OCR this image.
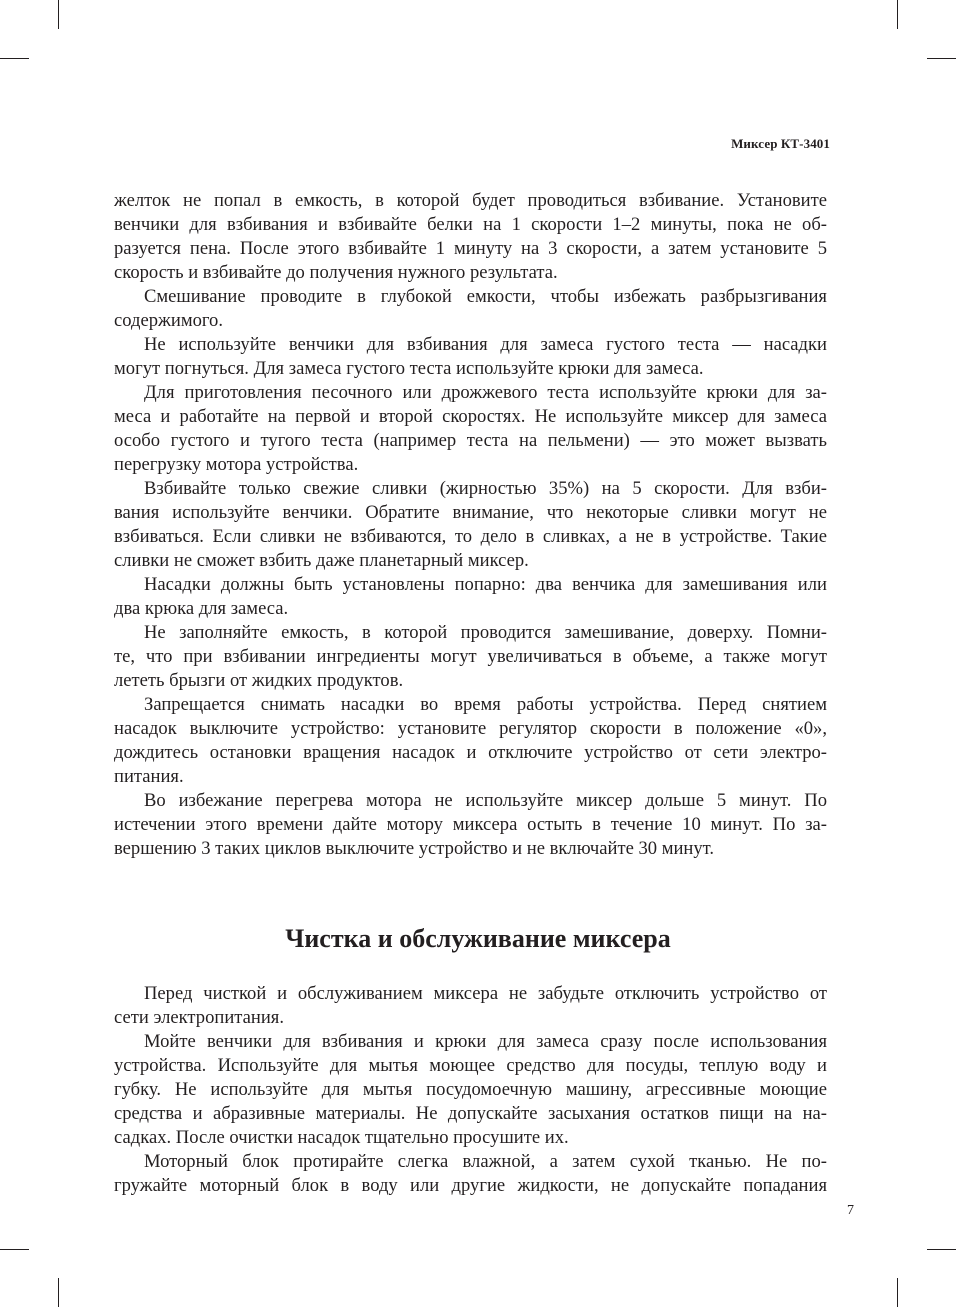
Миксер КТ-3401
желток не попал в емкость, в которой будет проводиться взбивание. Установите
венчики для взбивания и взбивайте белки на 1 скорости 1–2 минуты, пока не об-
разуется пена. После этого взбивайте 1 минуту на 3 скорости, а затем установите 5
скорость и взбивайте до получения нужного результата.
Смешивание проводите в глубокой емкости, чтобы избежать разбрызгивания
содержимого.
Не используйте венчики для взбивания для замеса густого теста — насадки
могут погнуться. Для замеса густого теста используйте крюки для замеса.
Для приготовления песочного или дрожжевого теста используйте крюки для за-
меса и работайте на первой и второй скоростях. Не используйте миксер для замеса
особо густого и тугого теста (например теста на пельмени) — это может вызвать
перегрузку мотора устройства.
Взбивайте только свежие сливки (жирностью 35%) на 5 скорости. Для взби-
вания используйте венчики. Обратите внимание, что некоторые сливки могут не
взбиваться. Если сливки не взбиваются, то дело в сливках, а не в устройстве. Такие
сливки не сможет взбить даже планетарный миксер.
Насадки должны быть установлены попарно: два венчика для замешивания или
два крюка для замеса.
Не заполняйте емкость, в которой проводится замешивание, доверху. Помни-
те, что при взбивании ингредиенты могут увеличиваться в объеме, а также могут
лететь брызги от жидких продуктов.
Запрещается снимать насадки во время работы устройства. Перед снятием
насадок выключите устройство: установите регулятор скорости в положение «0»,
дождитесь остановки вращения насадок и отключите устройство от сети электро-
питания.
Во избежание перегрева мотора не используйте миксер дольше 5 минут. По
истечении этого времени дайте мотору миксера остыть в течение 10 минут. По за-
вершению 3 таких циклов выключите устройство и не включайте 30 минут.
Чистка и обслуживание миксера
Перед чисткой и обслуживанием миксера не забудьте отключить устройство от
сети электропитания.
Мойте венчики для взбивания и крюки для замеса сразу после использования
устройства. Используйте для мытья моющее средство для посуды, теплую воду и
губку. Не используйте для мытья посудомоечную машину, агрессивные моющие
средства и абразивные материалы. Не допускайте засыхания остатков пищи на на-
садках. После очистки насадок тщательно просушите их.
Моторный блок протирайте слегка влажной, а затем сухой тканью. Не по-
гружайте моторный блок в воду или другие жидкости, не допускайте попадания
7
